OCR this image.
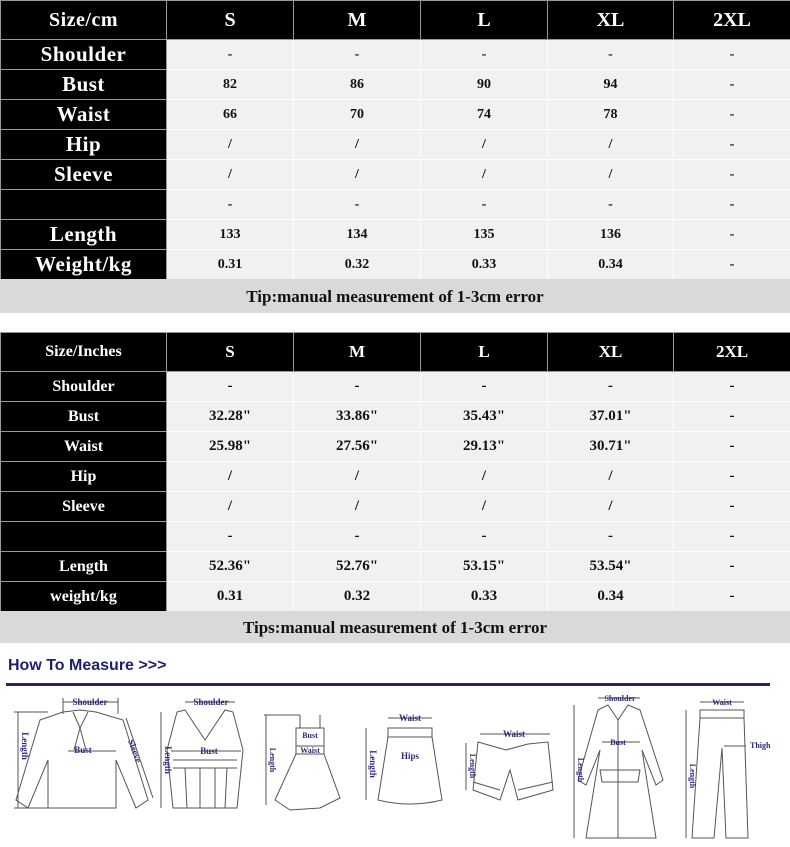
Size/cm	S	M	L	XL	2XL
Shoulder	-	-	-	-	-
Bust	82	86	90	94	-
Waist	66	70	74	78	-
Hip	/	/	/	/	-
Sleeve	/	/	/	/	-
	-	-	-	-	-
Length	133	134	135	136	-
Weight/kg	0.31	0.32	0.33	0.34	-
Tip:manual measurement of 1-3cm error
Size/Inches	S	M	L	XL	2XL
Shoulder	-	-	-	-	-
Bust	32.28"	33.86"	35.43"	37.01"	-
Waist	25.98"	27.56"	29.13"	30.71"	-
Hip	/	/	/	/	-
Sleeve	/	/	/	/	-
	-	-	-	-	-
Length	52.36"	52.76"	53.15"	53.54"	-
weight/kg	0.31	0.32	0.33	0.34	-
Tips:manual measurement of 1-3cm error
How To Measure >>>
Shoulder
Bust
Length	Sleeve
Shoulder
Bust
Length
Bust
Waist
Length
Waist
Hips
Length
Waist
Length
Shoulder
Bust
Length
Waist
Thigh
Length
